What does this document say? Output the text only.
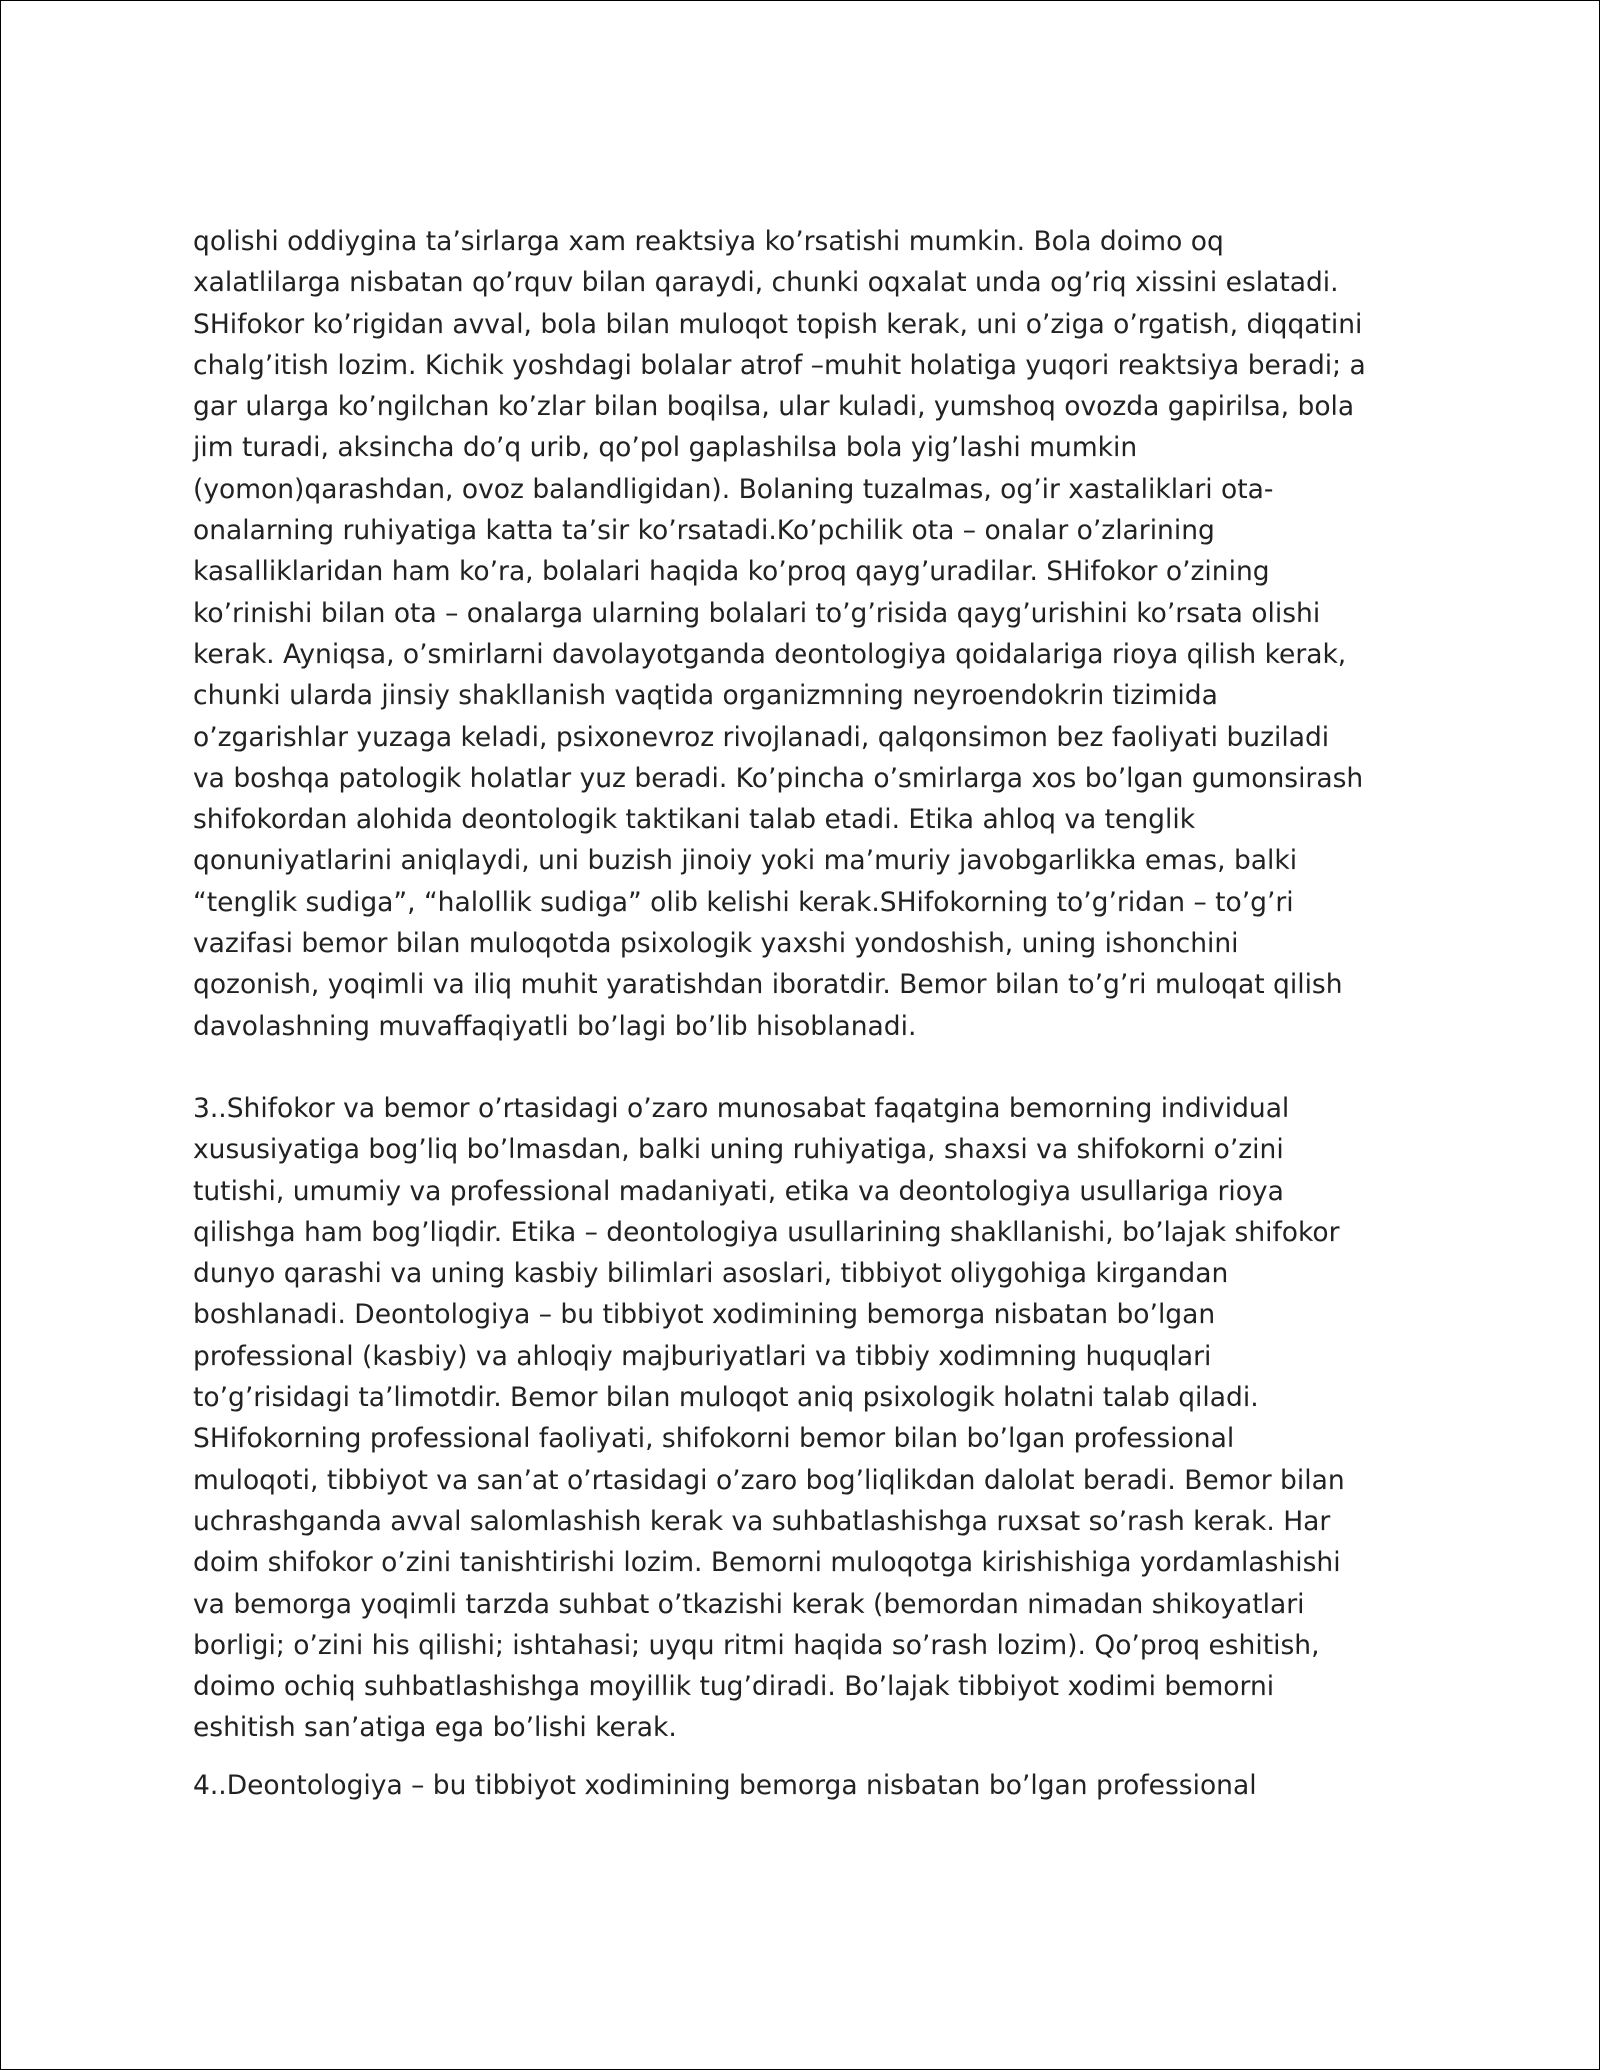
qolishi oddiygina ta’sirlarga xam reaktsiya ko’rsatishi mumkin. Bola doimo oq
xalatlilarga nisbatan qo’rquv bilan qaraydi, chunki oqxalat unda og’riq xissini eslatadi.
SHifokor ko’rigidan avval, bola bilan muloqot topish kerak, uni o’ziga o’rgatish, diqqatini
chalg’itish lozim. Kichik yoshdagi bolalar atrof –muhit holatiga yuqori reaktsiya beradi; a
gar ularga ko’ngilchan ko’zlar bilan boqilsa, ular kuladi, yumshoq ovozda gapirilsa, bola
jim turadi, aksincha do’q urib, qo’pol gaplashilsa bola yig’lashi mumkin
(yomon)qarashdan, ovoz balandligidan). Bolaning tuzalmas, og’ir xastaliklari ota-
onalarning ruhiyatiga katta ta’sir ko’rsatadi.Ko’pchilik ota – onalar o’zlarining
kasalliklaridan ham ko’ra, bolalari haqida ko’proq qayg’uradilar. SHifokor o’zining
ko’rinishi bilan ota – onalarga ularning bolalari to’g’risida qayg’urishini ko’rsata olishi
kerak. Ayniqsa, o’smirlarni davolayotganda deontologiya qoidalariga rioya qilish kerak,
chunki ularda jinsiy shakllanish vaqtida organizmning neyroendokrin tizimida
o’zgarishlar yuzaga keladi, psixonevroz rivojlanadi, qalqonsimon bez faoliyati buziladi
va boshqa patologik holatlar yuz beradi. Ko’pincha o’smirlarga xos bo’lgan gumonsirash
shifokordan alohida deontologik taktikani talab etadi. Etika ahloq va tenglik
qonuniyatlarini aniqlaydi, uni buzish jinoiy yoki ma’muriy javobgarlikka emas, balki
“tenglik sudiga”, “halollik sudiga” olib kelishi kerak.SHifokorning to’g’ridan – to’g’ri
vazifasi bemor bilan muloqotda psixologik yaxshi yondoshish, uning ishonchini
qozonish, yoqimli va iliq muhit yaratishdan iboratdir. Bemor bilan to’g’ri muloqat qilish
davolashning muvaffaqiyatli bo’lagi bo’lib hisoblanadi.

3..Shifokor va bemor o’rtasidagi o’zaro munosabat faqatgina bemorning individual
xususiyatiga bog’liq bo’lmasdan, balki uning ruhiyatiga, shaxsi va shifokorni o’zini
tutishi, umumiy va professional madaniyati, etika va deontologiya usullariga rioya
qilishga ham bog’liqdir. Etika – deontologiya usullarining shakllanishi, bo’lajak shifokor
dunyo qarashi va uning kasbiy bilimlari asoslari, tibbiyot oliygohiga kirgandan
boshlanadi. Deontologiya – bu tibbiyot xodimining bemorga nisbatan bo’lgan
professional (kasbiy) va ahloqiy majburiyatlari va tibbiy xodimning huquqlari
to’g’risidagi ta’limotdir. Bemor bilan muloqot aniq psixologik holatni talab qiladi.
SHifokorning professional faoliyati, shifokorni bemor bilan bo’lgan professional
muloqoti, tibbiyot va san’at o’rtasidagi o’zaro bog’liqlikdan dalolat beradi. Bemor bilan
uchrashganda avval salomlashish kerak va suhbatlashishga ruxsat so’rash kerak. Har
doim shifokor o’zini tanishtirishi lozim. Bemorni muloqotga kirishishiga yordamlashishi
va bemorga yoqimli tarzda suhbat o’tkazishi kerak (bemordan nimadan shikoyatlari
borligi; o’zini his qilishi; ishtahasi; uyqu ritmi haqida so’rash lozim). Qo’proq eshitish,
doimo ochiq suhbatlashishga moyillik tug’diradi. Bo’lajak tibbiyot xodimi bemorni
eshitish san’atiga ega bo’lishi kerak.

4..Deontologiya – bu tibbiyot xodimining bemorga nisbatan bo’lgan professional
